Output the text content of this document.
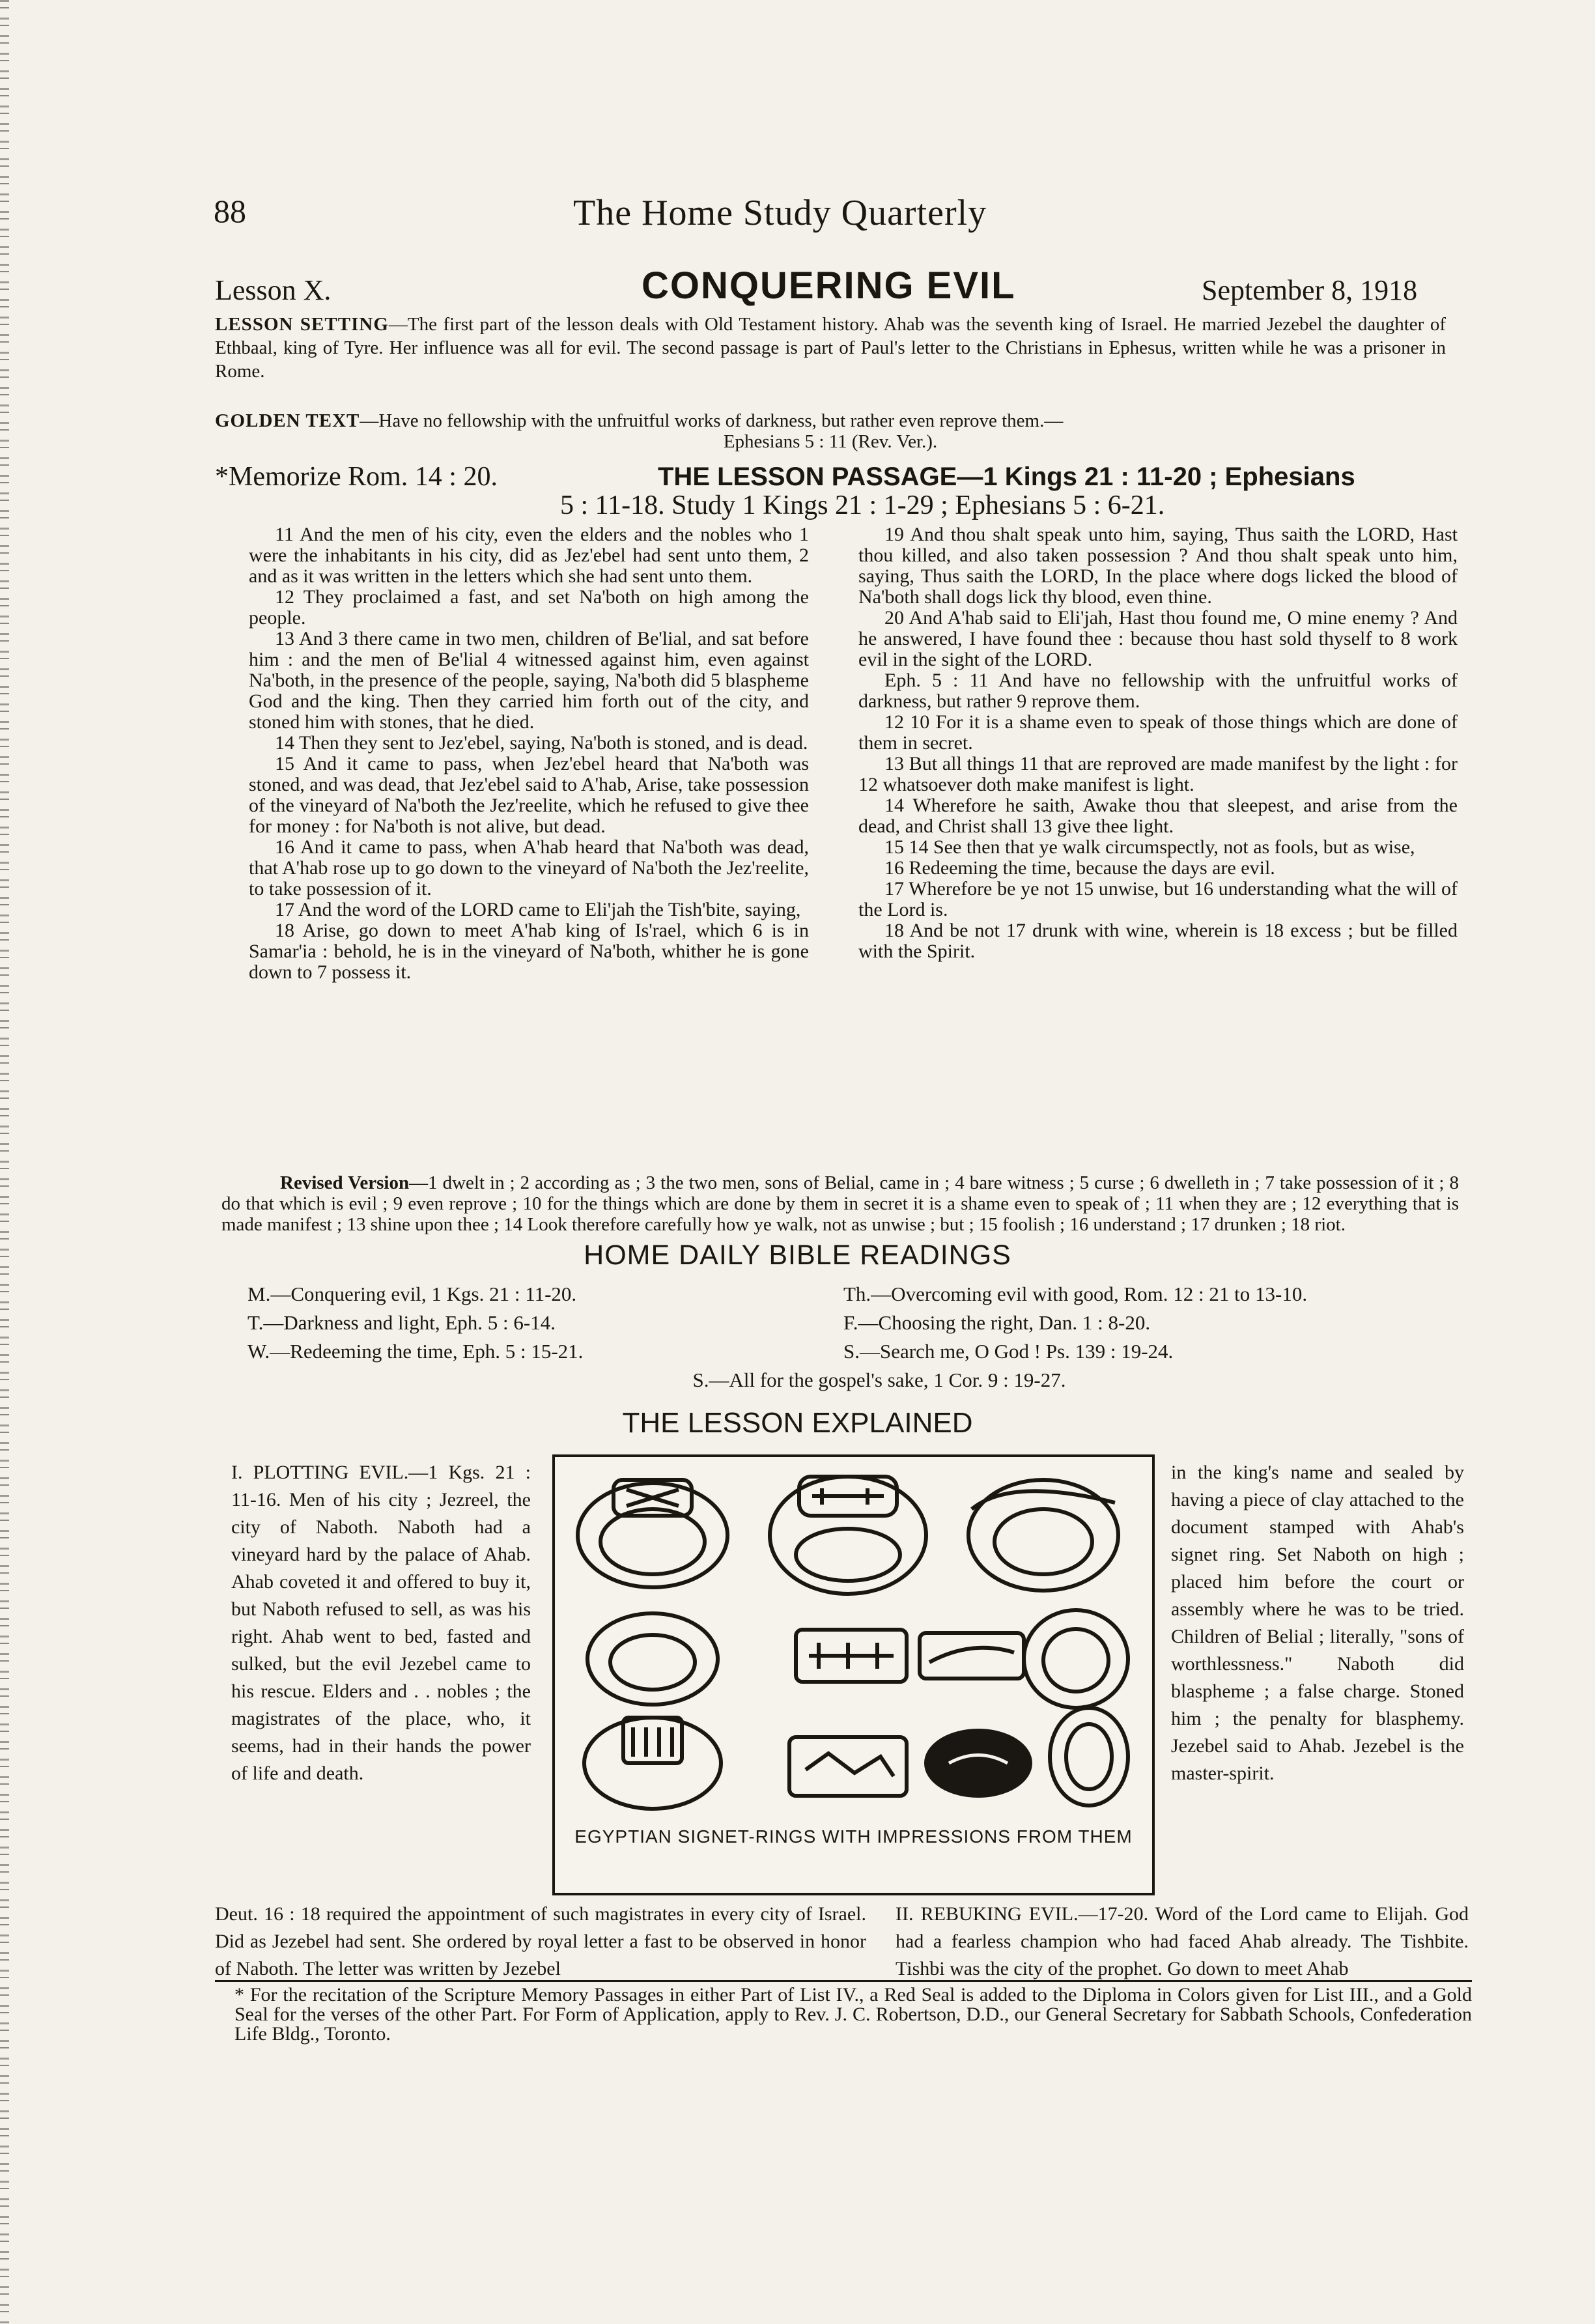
88	The Home Study Quarterly
Lesson X.	CONQUERING EVIL	September 8, 1918
LESSON SETTING—The first part of the lesson deals with Old Testament history. Ahab was the seventh king of Israel. He married Jezebel the daughter of Ethbaal, king of Tyre. Her influence was all for evil. The second passage is part of Paul's letter to the Christians in Ephesus, written while he was a prisoner in Rome.
GOLDEN TEXT—Have no fellowship with the unfruitful works of darkness, but rather even reprove them.—
Ephesians 5 : 11 (Rev. Ver.).
*Memorize Rom. 14 : 20.	THE LESSON PASSAGE—1 Kings 21 : 11-20 ; Ephesians
5 : 11-18. Study 1 Kings 21 : 1-29 ; Ephesians 5 : 6-21.

11 And the men of his city, even the elders and the nobles who 1 were the inhabitants in his city, did as Jez'ebel had sent unto them, 2 and as it was written in the letters which she had sent unto them.

12 They proclaimed a fast, and set Na'both on high among the people.

13 And 3 there came in two men, children of Be'lial, and sat before him : and the men of Be'lial 4 witnessed against him, even against Na'both, in the presence of the people, saying, Na'both did 5 blaspheme God and the king. Then they carried him forth out of the city, and stoned him with stones, that he died.

14 Then they sent to Jez'ebel, saying, Na'both is stoned, and is dead.

15 And it came to pass, when Jez'ebel heard that Na'both was stoned, and was dead, that Jez'ebel said to A'hab, Arise, take possession of the vineyard of Na'both the Jez'reelite, which he refused to give thee for money : for Na'both is not alive, but dead.

16 And it came to pass, when A'hab heard that Na'both was dead, that A'hab rose up to go down to the vineyard of Na'both the Jez'reelite, to take possession of it.

17 And the word of the LORD came to Eli'jah the Tish'bite, saying,

18 Arise, go down to meet A'hab king of Is'rael, which 6 is in Samar'ia : behold, he is in the vineyard of Na'both, whither he is gone down to 7 possess it.

19 And thou shalt speak unto him, saying, Thus saith the LORD, Hast thou killed, and also taken possession ? And thou shalt speak unto him, saying, Thus saith the LORD, In the place where dogs licked the blood of Na'both shall dogs lick thy blood, even thine.

20 And A'hab said to Eli'jah, Hast thou found me, O mine enemy ? And he answered, I have found thee : because thou hast sold thyself to 8 work evil in the sight of the LORD.

Eph. 5 : 11 And have no fellowship with the unfruitful works of darkness, but rather 9 reprove them.

12 10 For it is a shame even to speak of those things which are done of them in secret.

13 But all things 11 that are reproved are made manifest by the light : for 12 whatsoever doth make manifest is light.

14 Wherefore he saith, Awake thou that sleepest, and arise from the dead, and Christ shall 13 give thee light.

15 14 See then that ye walk circumspectly, not as fools, but as wise,

16 Redeeming the time, because the days are evil.

17 Wherefore be ye not 15 unwise, but 16 understanding what the will of the Lord is.

18 And be not 17 drunk with wine, wherein is 18 excess ; but be filled with the Spirit.

Revised Version—1 dwelt in ; 2 according as ; 3 the two men, sons of Belial, came in ; 4 bare witness ; 5 curse ; 6 dwelleth in ; 7 take possession of it ; 8 do that which is evil ; 9 even reprove ; 10 for the things which are done by them in secret it is a shame even to speak of ; 11 when they are ; 12 everything that is made manifest ; 13 shine upon thee ; 14 Look therefore carefully how ye walk, not as unwise ; but ; 15 foolish ; 16 understand ; 17 drunken ; 18 riot.
HOME DAILY BIBLE READINGS
M.—Conquering evil, 1 Kgs. 21 : 11-20.	Th.—Overcoming evil with good, Rom. 12 : 21 to 13-10.
T.—Darkness and light, Eph. 5 : 6-14.	F.—Choosing the right, Dan. 1 : 8-20.
W.—Redeeming the time, Eph. 5 : 15-21.	S.—Search me, O God ! Ps. 139 : 19-24.
S.—All for the gospel's sake, 1 Cor. 9 : 19-27.
THE LESSON EXPLAINED
I. PLOTTING EVIL.—1 Kgs. 21 : 11-16. Men of his city ; Jezreel, the city of Naboth. Naboth had a vineyard hard by the palace of Ahab. Ahab coveted it and offered to buy it, but Naboth refused to sell, as was his right. Ahab went to bed, fasted and sulked, but the evil Jezebel came to his rescue. Elders and . . nobles ; the magistrates of the place, who, it seems, had in their hands the power of life and death.
EGYPTIAN SIGNET-RINGS WITH IMPRESSIONS FROM THEM
in the king's name and sealed by having a piece of clay attached to the document stamped with Ahab's signet ring. Set Naboth on high ; placed him before the court or assembly where he was to be tried. Children of Belial ; literally, "sons of worthlessness." Naboth did blaspheme ; a false charge. Stoned him ; the penalty for blasphemy. Jezebel said to Ahab. Jezebel is the master-spirit.
Deut. 16 : 18 required the appointment of such magistrates in every city of Israel. Did as Jezebel had sent. She ordered by royal letter a fast to be observed in honor of Naboth. The letter was written by Jezebel
II. REBUKING EVIL.—17-20. Word of the Lord came to Elijah. God had a fearless champion who had faced Ahab already. The Tishbite. Tishbi was the city of the prophet. Go down to meet Ahab
* For the recitation of the Scripture Memory Passages in either Part of List IV., a Red Seal is added to the Diploma in Colors given for List III., and a Gold Seal for the verses of the other Part. For Form of Application, apply to Rev. J. C. Robertson, D.D., our General Secretary for Sabbath Schools, Confederation Life Bldg., Toronto.
